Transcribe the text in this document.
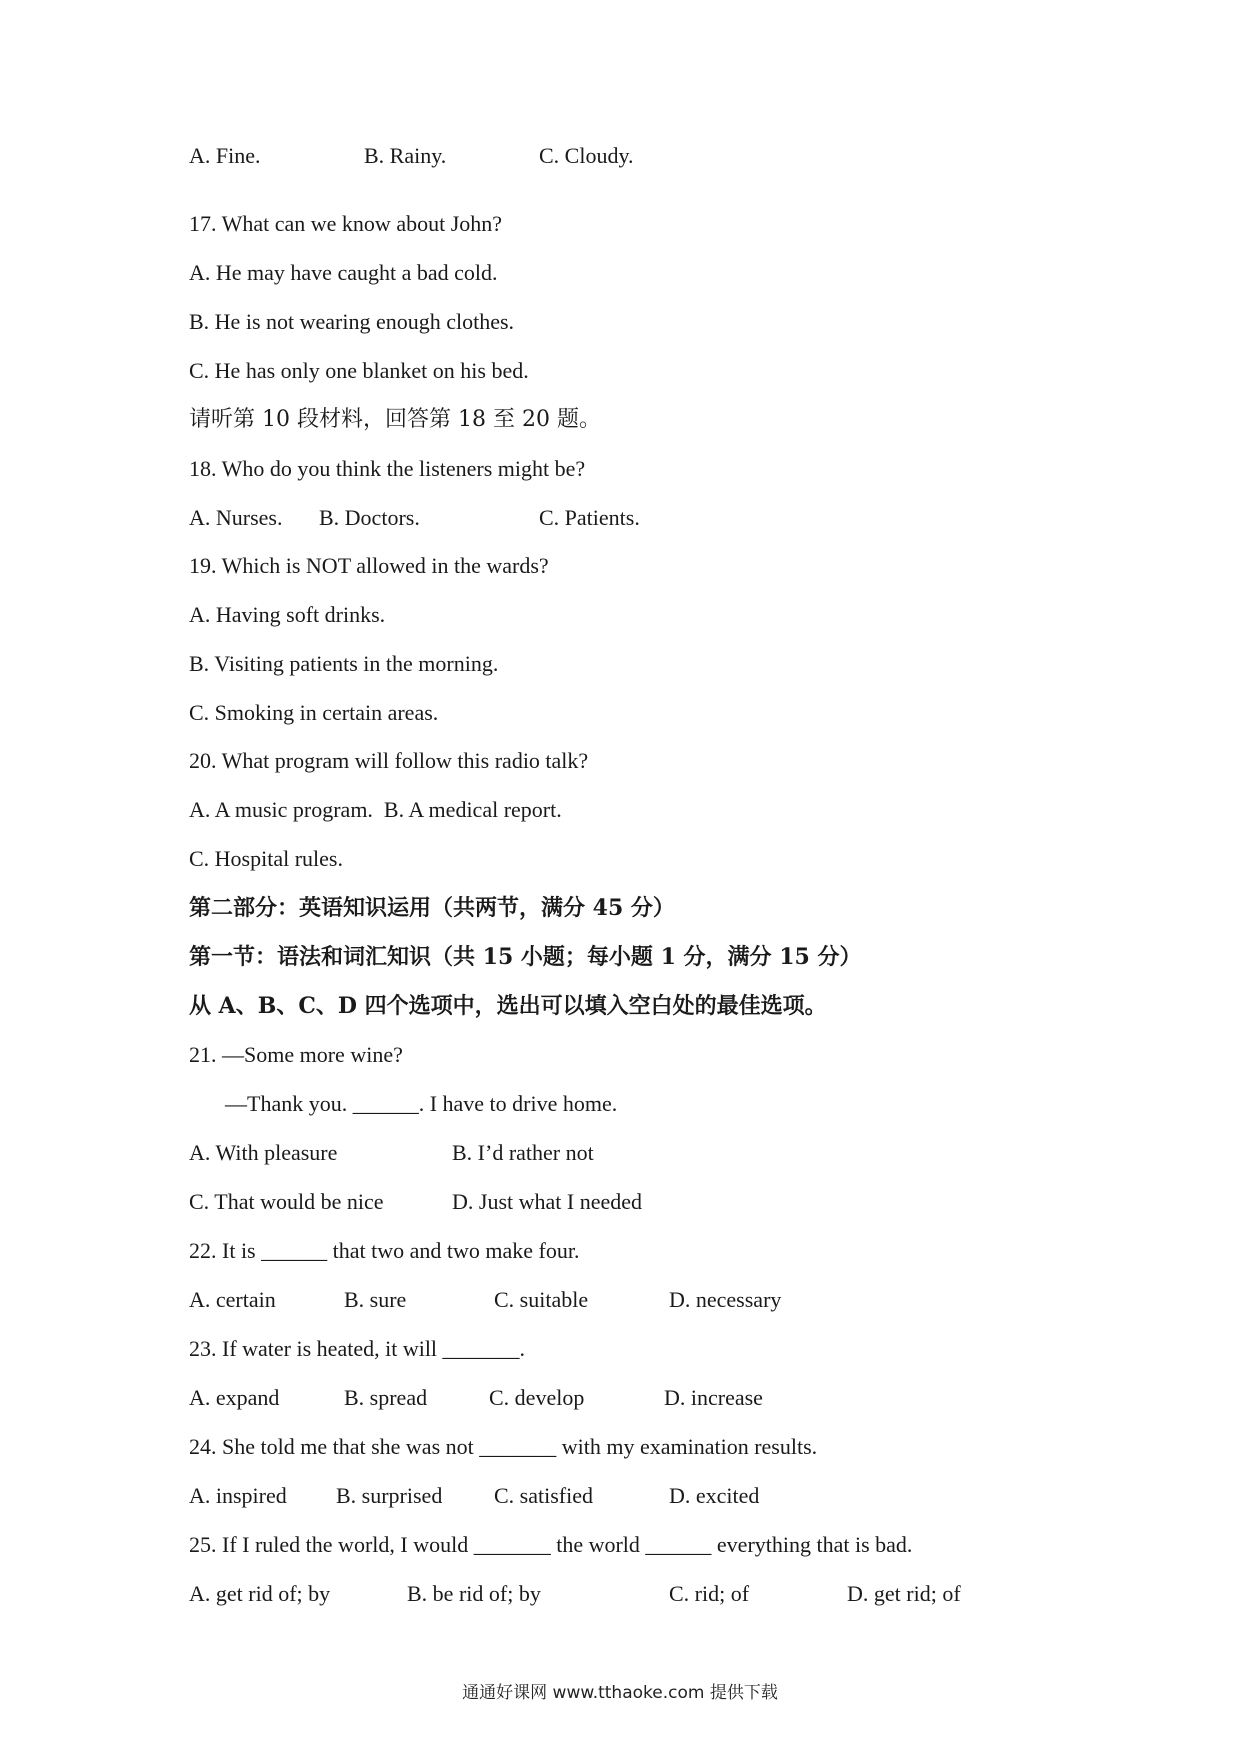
A. Fine.

	B. Rainy.

	C. Cloudy.

17. What can we know about John?
A. He may have caught a bad cold.
B. He is not wearing enough clothes.
C. He has only one blanket on his bed.
请听第 10 段材料，回答第 18 至 20 题。
18. Who do you think the listeners might be?

A. Nurses.

B. Doctors.

	C. Patients.

19. Which is NOT allowed in the wards?
A. Having soft drinks.
B. Visiting patients in the morning.
C. Smoking in certain areas.
20. What program will follow this radio talk?
A. A music program.  B. A medical report.
C. Hospital rules.
第二部分：英语知识运用（共两节，满分 45 分）
第一节：语法和词汇知识（共 15 小题；每小题 1 分，满分 15 分）
从 A、B、C、D 四个选项中，选出可以填入空白处的最佳选项。
21. —Some more wine?
—Thank you. ______. I have to drive home.

A. With pleasure

	B. I’d rather not

C. That would be nice

	D. Just what I needed

22. It is ______ that two and two make four.

A. certain

	B. sure

	C. suitable

	D. necessary

23. If water is heated, it will _______.

A. expand

	B. spread

	C. develop

	D. increase

24. She told me that she was not _______ with my examination results.

A. inspired

B. surprised

C. satisfied

	D. excited

25. If I ruled the world, I would _______ the world ______ everything that is bad.

A. get rid of; by

	B. be rid of; by

	C. rid; of

	D. get rid; of

通通好课网 www.tthaoke.com 提供下载
